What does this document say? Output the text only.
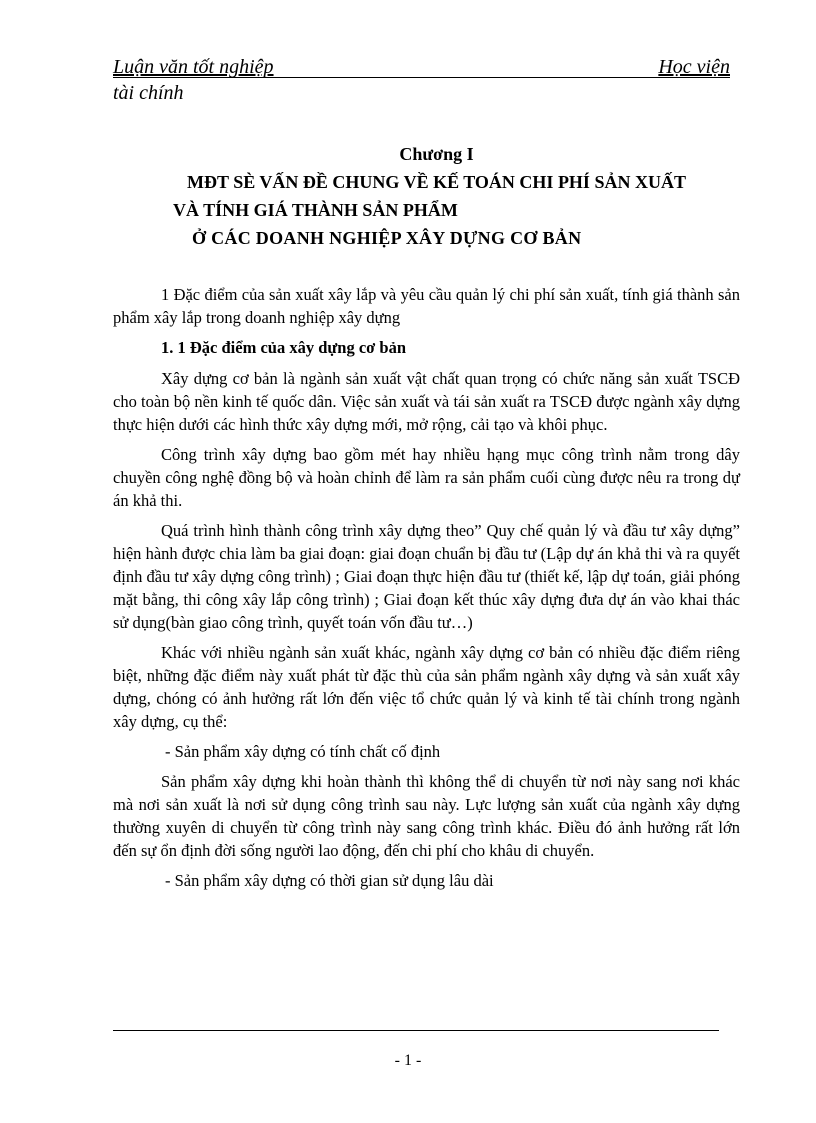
Luận văn tốt nghiệp	Học viện
tài chính
Chương I
MÐT SÈ VẤN ĐỀ CHUNG VỀ KẾ TOÁN CHI PHÍ SẢN XUẤT
VÀ TÍNH GIÁ THÀNH SẢN PHẨM
Ở CÁC DOANH NGHIỆP XÂY DỰNG CƠ BẢN

1 Đặc điểm của sản xuất xây lắp và yêu cầu quản lý chi phí sản xuất, tính giá thành sản phẩm xây lắp trong doanh nghiệp xây dựng

1. 1 Đặc điểm của xây dựng cơ bản

Xây dựng cơ bản là ngành sản xuất vật chất quan trọng có chức năng sản xuất TSCĐ cho toàn bộ nền kinh tế quốc dân. Việc sản xuất và tái sản xuất ra TSCĐ được ngành xây dựng thực hiện dưới các hình thức xây dựng mới, mở rộng, cải tạo và khôi phục.

Công trình xây dựng bao gồm mét hay nhiều hạng mục công trình nằm trong dây chuyền công nghệ đồng bộ và hoàn chỉnh để làm ra sản phẩm cuối cùng được nêu ra trong dự án khả thi.

Quá trình hình thành công trình xây dựng theo” Quy chế quản lý và đầu tư xây dựng” hiện hành được chia làm ba giai đoạn: giai đoạn chuẩn bị đầu tư (Lập dự án khả thi và ra quyết định đầu tư xây dựng công trình) ; Giai đoạn thực hiện đầu tư (thiết kế, lập dự toán, giải phóng mặt bằng, thi công xây lắp công trình) ; Giai đoạn kết thúc xây dựng đưa dự án vào khai thác sử dụng(bàn giao công trình, quyết toán vốn đầu tư…)

Khác với nhiều ngành sản xuất khác, ngành xây dựng cơ bản có nhiều đặc điểm riêng biệt, những đặc điểm này xuất phát từ đặc thù của sản phẩm ngành xây dựng và sản xuất xây dựng, chóng có ảnh hưởng rất lớn đến việc tổ chức quản lý và kinh tế tài chính trong ngành xây dựng, cụ thể:

- Sản phẩm xây dựng có tính chất cố định

Sản phẩm xây dựng khi hoàn thành thì không thể di chuyển từ nơi này sang nơi khác mà nơi sản xuất là nơi sử dụng công trình sau này. Lực lượng sản xuất của ngành xây dựng thường xuyên di chuyển từ công trình này sang công trình khác. Điều đó ảnh hưởng rất lớn đến sự ổn định đời sống người lao động, đến chi phí cho khâu di chuyển.

- Sản phẩm xây dựng có thời gian sử dụng lâu dài

- 1 -
